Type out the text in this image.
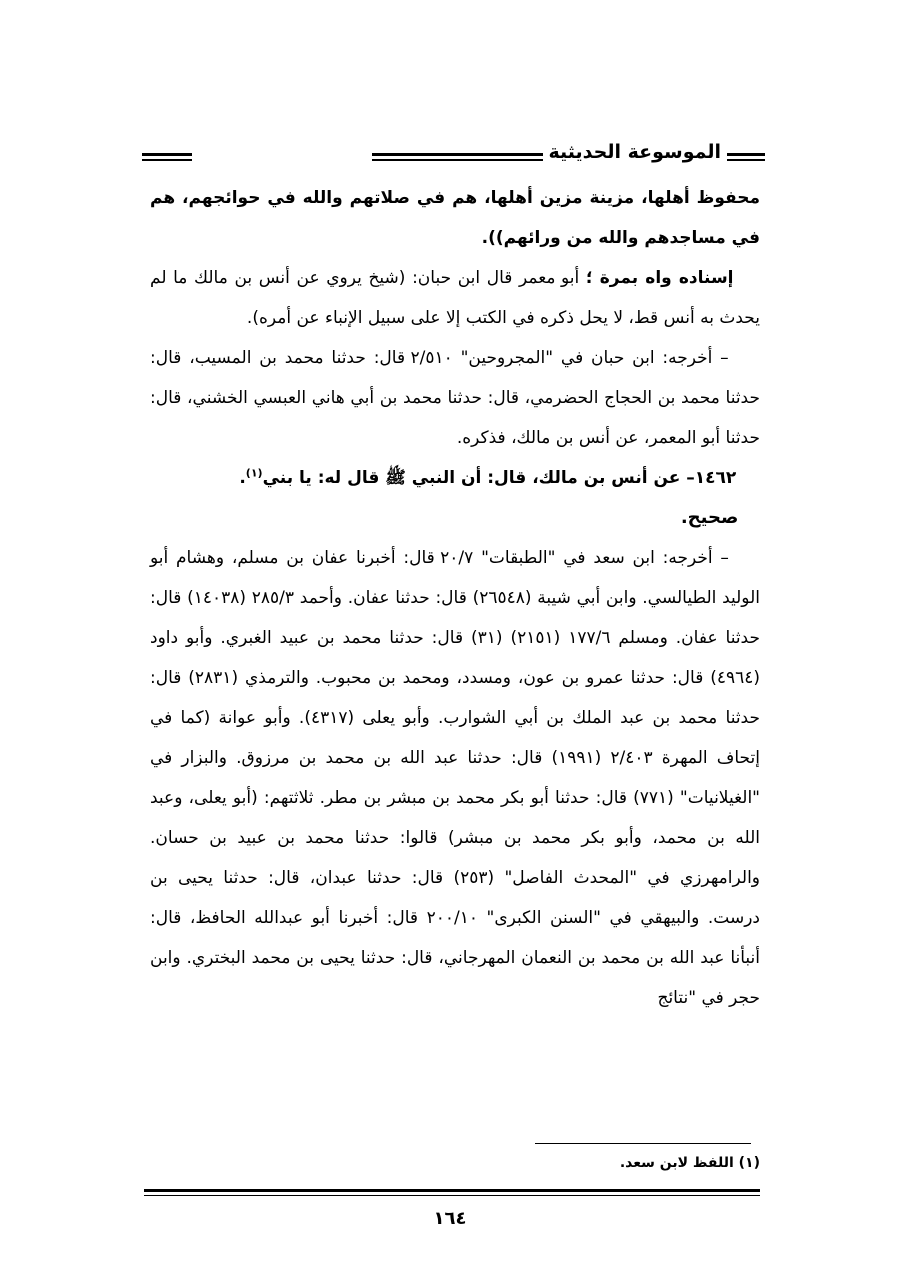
الموسوعة الحديثية

محفوظ أهلها، مزينة مزين أهلها، هم في صلاتهم والله في حوائجهم، هم في مساجدهم والله من ورائهم)).

إسناده واه بمرة ؛ أبو معمر قال ابن حبان: (شيخ يروي عن أنس بن مالك ما لم يحدث به أنس قط، لا يحل ذكره في الكتب إلا على سبيل الإنباء عن أمره).

– أخرجه: ابن حبان في "المجروحين" ٢/٥١٠ قال: حدثنا محمد بن المسيب، قال: حدثنا محمد بن الحجاج الحضرمي، قال: حدثنا محمد بن أبي هاني العبسي الخشني، قال: حدثنا أبو المعمر، عن أنس بن مالك، فذكره.

١٤٦٢– عن أنس بن مالك، قال: أن النبي ﷺ قال له: يا بني$^{(١)}$.

صحيح.

– أخرجه: ابن سعد في "الطبقات" ٢٠/٧ قال: أخبرنا عفان بن مسلم، وهشام أبو الوليد الطيالسي. وابن أبي شيبة (٢٦٥٤٨) قال: حدثنا عفان. وأحمد ٢٨٥/٣ (١٤٠٣٨) قال: حدثنا عفان. ومسلم ١٧٧/٦ (٢١٥١) (٣١) قال: حدثنا محمد بن عبيد الغبري. وأبو داود (٤٩٦٤) قال: حدثنا عمرو بن عون، ومسدد، ومحمد بن محبوب. والترمذي (٢٨٣١) قال: حدثنا محمد بن عبد الملك بن أبي الشوارب. وأبو يعلى (٤٣١٧). وأبو عوانة (كما في إتحاف المهرة ٢/٤٠٣ (١٩٩١) قال: حدثنا عبد الله بن محمد بن مرزوق. والبزار في "الغيلانيات" (٧٧١) قال: حدثنا أبو بكر محمد بن مبشر بن مطر. ثلاثتهم: (أبو يعلى، وعبد الله بن محمد، وأبو بكر محمد بن مبشر) قالوا: حدثنا محمد بن عبيد بن حسان. والرامهرزي في "المحدث الفاصل" (٢٥٣) قال: حدثنا عبدان، قال: حدثنا يحيى بن درست. والبيهقي في "السنن الكبرى" ٢٠٠/١٠ قال: أخبرنا أبو عبدالله الحافظ، قال: أنبأنا عبد الله بن محمد بن النعمان المهرجاني، قال: حدثنا يحيى بن محمد البختري. وابن حجر في "نتائج

(١) اللفظ لابن سعد.
١٦٤
